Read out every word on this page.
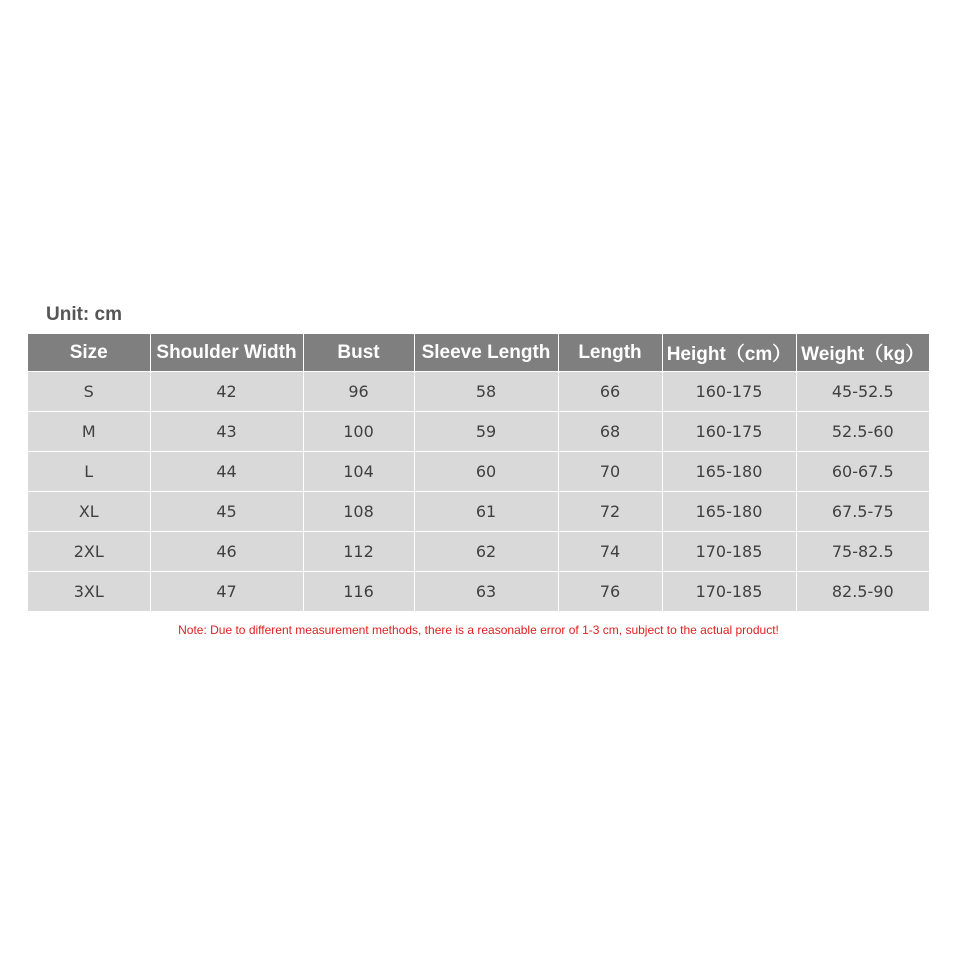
Unit: cm
Size	Shoulder Width	Bust	Sleeve Length	Length	Height（cm）	Weight（kg）
S	42	96	58	66	160-175	45-52.5
M	43	100	59	68	160-175	52.5-60
L	44	104	60	70	165-180	60-67.5
XL	45	108	61	72	165-180	67.5-75
2XL	46	112	62	74	170-185	75-82.5
3XL	47	116	63	76	170-185	82.5-90
Note: Due to different measurement methods, there is a reasonable error of 1-3 cm, subject to the actual product!
